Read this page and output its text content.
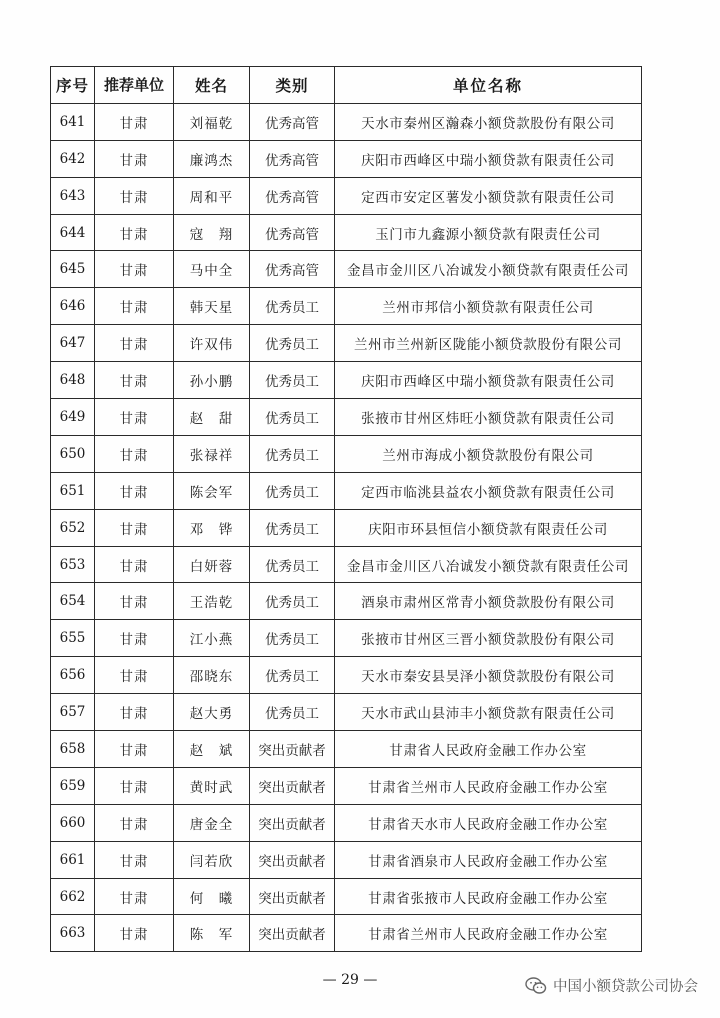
序号	推荐单位	姓名	类别	单位名称
641	甘肃	刘福乾	优秀高管	天水市秦州区瀚森小额贷款股份有限公司
642	甘肃	廉鸿杰	优秀高管	庆阳市西峰区中瑞小额贷款有限责任公司
643	甘肃	周和平	优秀高管	定西市安定区薯发小额贷款有限责任公司
644	甘肃	寇　翔	优秀高管	玉门市九鑫源小额贷款有限责任公司
645	甘肃	马中全	优秀高管	金昌市金川区八冶诚发小额贷款有限责任公司
646	甘肃	韩天星	优秀员工	兰州市邦信小额贷款有限责任公司
647	甘肃	许双伟	优秀员工	兰州市兰州新区陇能小额贷款股份有限公司
648	甘肃	孙小鹏	优秀员工	庆阳市西峰区中瑞小额贷款有限责任公司
649	甘肃	赵　甜	优秀员工	张掖市甘州区炜旺小额贷款有限责任公司
650	甘肃	张禄祥	优秀员工	兰州市海成小额贷款股份有限公司
651	甘肃	陈会军	优秀员工	定西市临洮县益农小额贷款有限责任公司
652	甘肃	邓　铧	优秀员工	庆阳市环县恒信小额贷款有限责任公司
653	甘肃	白妍蓉	优秀员工	金昌市金川区八冶诚发小额贷款有限责任公司
654	甘肃	王浩乾	优秀员工	酒泉市肃州区常青小额贷款股份有限公司
655	甘肃	江小燕	优秀员工	张掖市甘州区三晋小额贷款股份有限公司
656	甘肃	邵晓东	优秀员工	天水市秦安县昊泽小额贷款股份有限公司
657	甘肃	赵大勇	优秀员工	天水市武山县沛丰小额贷款有限责任公司
658	甘肃	赵　斌	突出贡献者	甘肃省人民政府金融工作办公室
659	甘肃	黄时武	突出贡献者	甘肃省兰州市人民政府金融工作办公室
660	甘肃	唐金全	突出贡献者	甘肃省天水市人民政府金融工作办公室
661	甘肃	闫若欣	突出贡献者	甘肃省酒泉市人民政府金融工作办公室
662	甘肃	何　曦	突出贡献者	甘肃省张掖市人民政府金融工作办公室
663	甘肃	陈　军	突出贡献者	甘肃省兰州市人民政府金融工作办公室
— 29 —	中国小额贷款公司协会
